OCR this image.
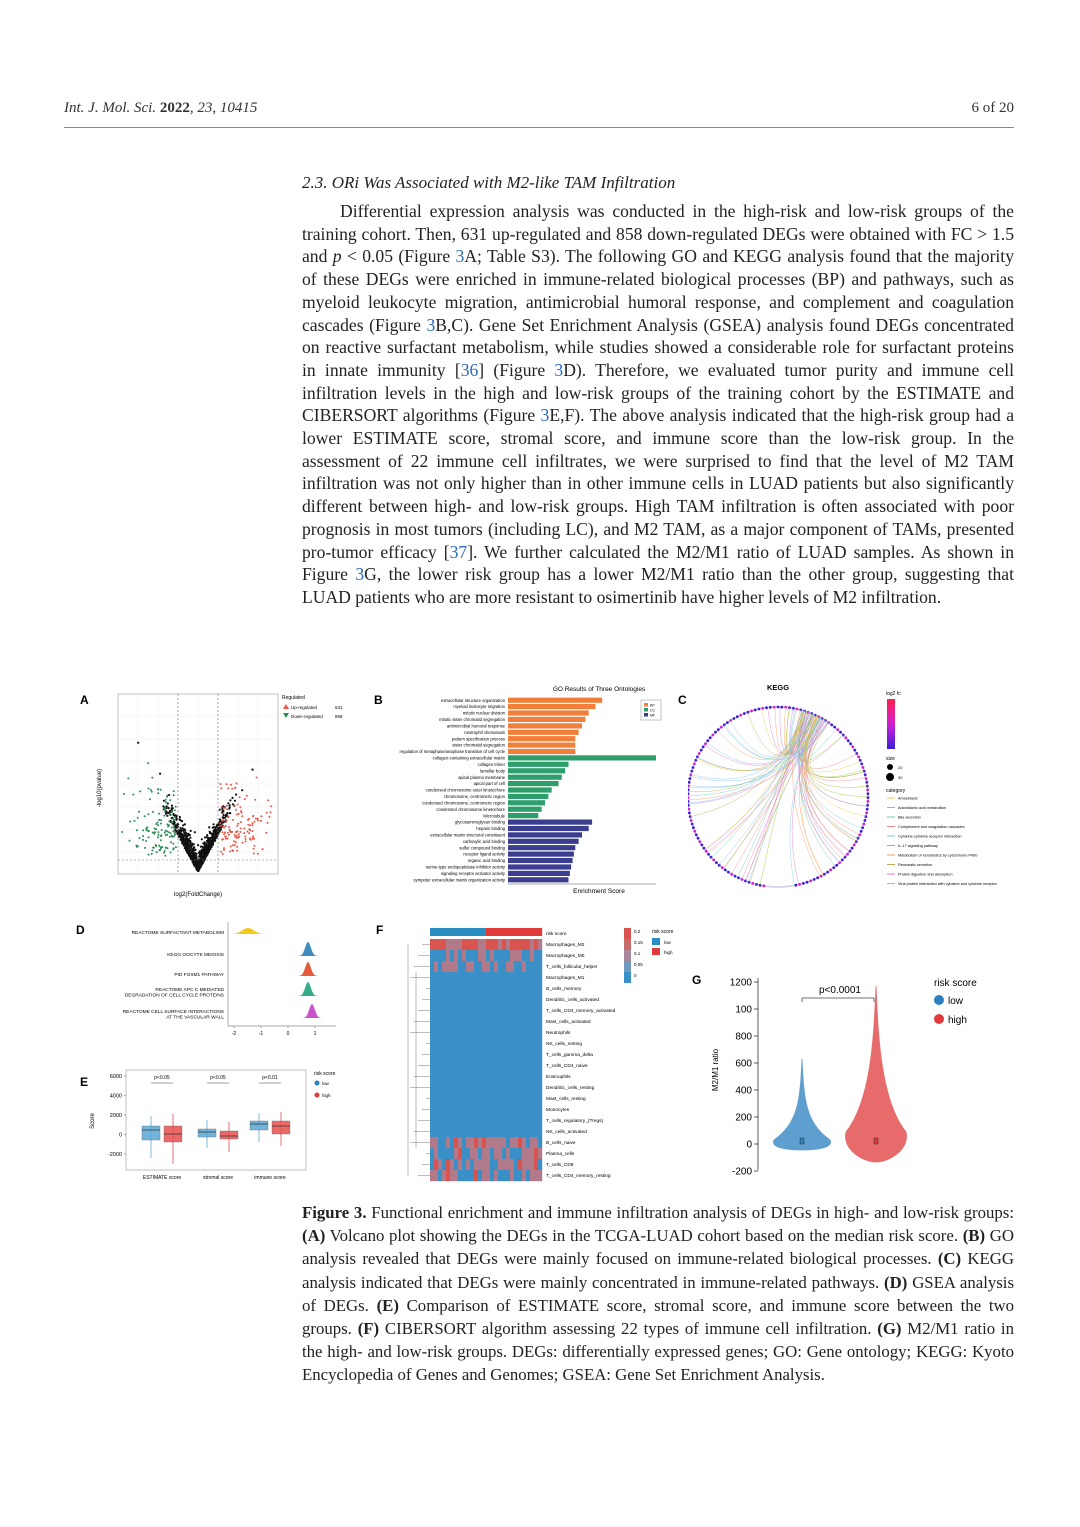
Int. J. Mol. Sci. 2022, 23, 10415	6 of 20
2.3. ORi Was Associated with M2-like TAM Infiltration

Differential expression analysis was conducted in the high-risk and low-risk groups of the training cohort. Then, 631 up-regulated and 858 down-regulated DEGs were obtained with FC > 1.5 and p < 0.05 (Figure 3A; Table S3). The following GO and KEGG analysis found that the majority of these DEGs were enriched in immune-related biological processes (BP) and pathways, such as myeloid leukocyte migration, antimicrobial humoral response, and complement and coagulation cascades (Figure 3B,C). Gene Set Enrichment Analysis (GSEA) analysis found DEGs concentrated on reactive surfactant metabolism, while studies showed a considerable role for surfactant proteins in innate immunity [36] (Figure 3D). Therefore, we evaluated tumor purity and immune cell infiltration levels in the high and low-risk groups of the training cohort by the ESTIMATE and CIBERSORT algorithms (Figure 3E,F). The above analysis indicated that the high-risk group had a lower ESTIMATE score, stromal score, and immune score than the low-risk group. In the assessment of 22 immune cell infiltrates, we were surprised to find that the level of M2 TAM infiltration was not only higher than in other immune cells in LUAD patients but also significantly different between high- and low-risk groups. High TAM infiltration is often associated with poor prognosis in most tumors (including LC), and M2 TAM, as a major component of TAMs, presented pro-tumor efficacy [37]. We further calculated the M2/M1 ratio of LUAD samples. As shown in Figure 3G, the lower risk group has a lower M2/M1 ratio than the other group, suggesting that LUAD patients who are more resistant to osimertinib have higher levels of M2 infiltration.

A
-log10(pvalue)
log2(FoldChange)
Regulated
Up-regulated	631
Down-regulated	858
B
GO Results of Three Ontologies
extracellular structure organization
myeloid leukocyte migration
mitotic nuclear division
mitotic sister chromatid segregation
antimicrobial humoral response
neutrophil chemotaxis
pattern specification process
sister chromatid segregation
regulation of metaphase/anaphase transition of cell cycle
collagen-containing extracellular matrix
collagen trimer
lamellar body
apical plasma membrane
apical part of cell
condensed chromosome outer kinetochore
chromosome, centromeric region
condensed chromosome, centromeric region
condensed chromosome kinetochore
Microtubule
glycosaminoglycan binding
heparin binding
extracellular matrix structural constituent
carboxylic acid binding
sulfur compound binding
receptor ligand activity
organic acid binding
serine-type endopeptidase inhibitor activity
signaling receptor activator activity
sympoter extracellular matrix organization activity
Enrichment Score
BP
CC
MF
C
KEGG
log2 fc
size
20
30
category
Amoebiasis
Arachidonic acid metabolism
Bile secretion
Complement and coagulation cascades
Cytokine-cytokine receptor interaction
IL-17 signaling pathway
Metabolism of xenobiotics by cytochrome P450
Pancreatic secretion
Protein digestion and absorption
Viral protein interaction with cytokine and cytokine receptor
D
-2	-1	0	1
REACTOME SURFACTANT METABOLISM
KEGG OOCYTE MEIOSIS
PID FOXM1 PATHWAY
REACTOME APC C MEDIATED
DEGRADATION OF CELL CYCLE PROTEINS
REACTOME CELL SURFACE INTERACTIONS
AT THE VASCULAR WALL
E
Score
6000
4000
2000
0
-2000
p<0.05
ESTIMATE score
p<0.05
stromal score
p<0.01
immune score
risk score
low
high
F	risk score
Macrophages_M2
Macrophages_M0
T_cells_follicular_helper
Macrophages_M1
B_cells_memory
Dendritic_cells_activated
T_cells_CD4_memory_activated
Mast_cells_activated
Neutrophils
NK_cells_resting
T_cells_gamma_delta
T_cells_CD4_naive
Eosinophils
Dendritic_cells_resting
Mast_cells_resting
Monocytes
T_cells_regulatory_(Tregs)
NK_cells_activated
B_cells_naive
Plasma_cells
T_cells_CD8
T_cells_CD4_memory_resting
0.2
0.15
0.1
0.05
0
risk score
low
high
G
M2/M1 ratio
1200
100
800
600
400
200
0
-200
p<0.0001
risk score
low
high
Figure 3. Functional enrichment and immune infiltration analysis of DEGs in high- and low-risk groups: (A) Volcano plot showing the DEGs in the TCGA-LUAD cohort based on the median risk score. (B) GO analysis revealed that DEGs were mainly focused on immune-related biological processes. (C) KEGG analysis indicated that DEGs were mainly concentrated in immune-related pathways. (D) GSEA analysis of DEGs. (E) Comparison of ESTIMATE score, stromal score, and immune score between the two groups. (F) CIBERSORT algorithm assessing 22 types of immune cell infiltration. (G) M2/M1 ratio in the high- and low-risk groups. DEGs: differentially expressed genes; GO: Gene ontology; KEGG: Kyoto Encyclopedia of Genes and Genomes; GSEA: Gene Set Enrichment Analysis.
